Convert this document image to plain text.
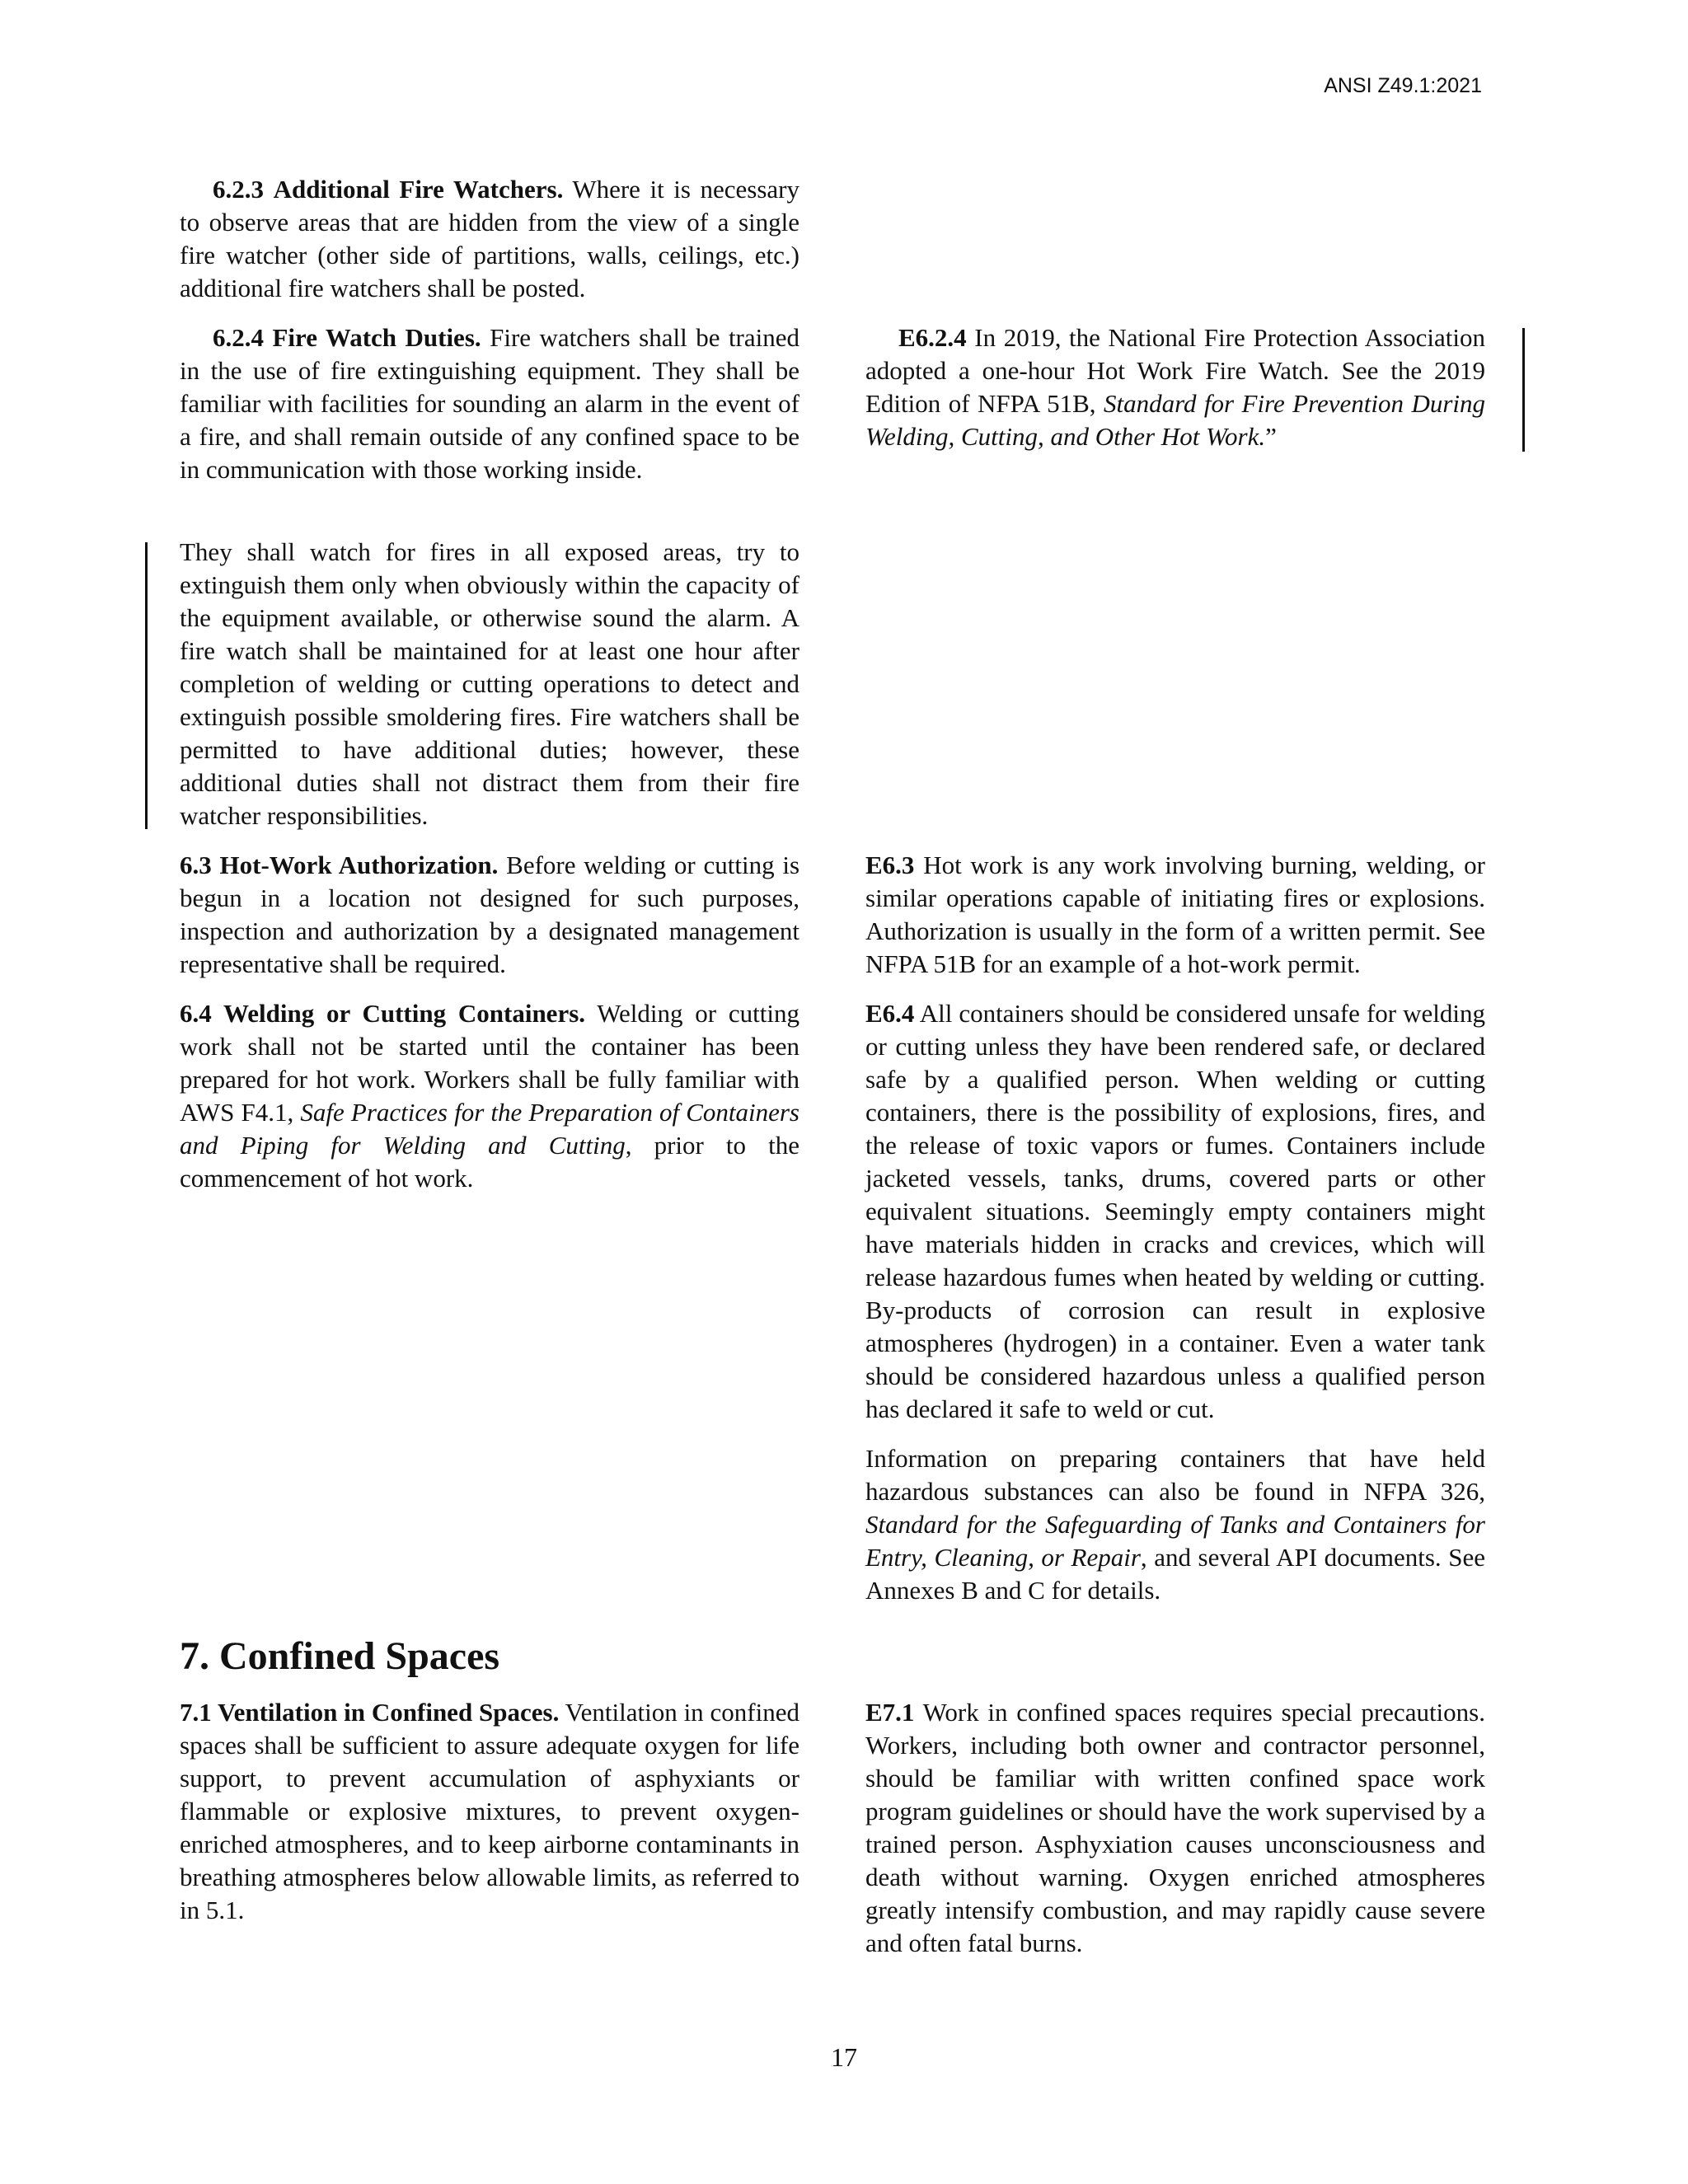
ANSI Z49.1:2021

6.2.3 Additional Fire Watchers. Where it is necessary to observe areas that are hidden from the view of a single fire watcher (other side of partitions, walls, ceilings, etc.) additional fire watchers shall be posted.

6.2.4 Fire Watch Duties. Fire watchers shall be trained in the use of fire extinguishing equipment. They shall be familiar with facilities for sounding an alarm in the event of a fire, and shall remain outside of any confined space to be in communication with those working inside.

They shall watch for fires in all exposed areas, try to extinguish them only when obviously within the capacity of the equipment available, or otherwise sound the alarm. A fire watch shall be maintained for at least one hour after completion of welding or cutting operations to detect and extinguish possible smoldering fires. Fire watchers shall be permitted to have additional duties; however, these additional duties shall not distract them from their fire watcher responsibilities.

6.3 Hot-Work Authorization. Before welding or cutting is begun in a location not designed for such purposes, inspection and authorization by a designated management representative shall be required.

6.4 Welding or Cutting Containers. Welding or cutting work shall not be started until the container has been prepared for hot work. Workers shall be fully familiar with AWS F4.1, Safe Practices for the Preparation of Containers and Piping for Welding and Cutting, prior to the commencement of hot work.

7. Confined Spaces

7.1 Ventilation in Confined Spaces. Ventilation in confined spaces shall be sufficient to assure adequate oxygen for life support, to prevent accumulation of asphyxiants or flammable or explosive mixtures, to prevent oxygen-enriched atmospheres, and to keep airborne contaminants in breathing atmospheres below allowable limits, as referred to in 5.1.

E6.2.4 In 2019, the National Fire Protection Association adopted a one-hour Hot Work Fire Watch. See the 2019 Edition of NFPA 51B, Standard for Fire Prevention During Welding, Cutting, and Other Hot Work.”

E6.3 Hot work is any work involving burning, welding, or similar operations capable of initiating fires or explosions. Authorization is usually in the form of a written permit. See NFPA 51B for an example of a hot-work permit.

E6.4 All containers should be considered unsafe for welding or cutting unless they have been rendered safe, or declared safe by a qualified person. When welding or cutting containers, there is the possibility of explosions, fires, and the release of toxic vapors or fumes. Containers include jacketed vessels, tanks, drums, covered parts or other equivalent situations. Seemingly empty containers might have materials hidden in cracks and crevices, which will release hazardous fumes when heated by welding or cutting. By-products of corrosion can result in explosive atmospheres (hydrogen) in a container. Even a water tank should be considered hazardous unless a qualified person has declared it safe to weld or cut.

Information on preparing containers that have held hazardous substances can also be found in NFPA 326, Standard for the Safeguarding of Tanks and Containers for Entry, Cleaning, or Repair, and several API documents. See Annexes B and C for details.

E7.1 Work in confined spaces requires special precautions. Workers, including both owner and contractor personnel, should be familiar with written confined space work program guidelines or should have the work supervised by a trained person. Asphyxiation causes unconsciousness and death without warning. Oxygen enriched atmospheres greatly intensify combustion, and may rapidly cause severe and often fatal burns.

17
